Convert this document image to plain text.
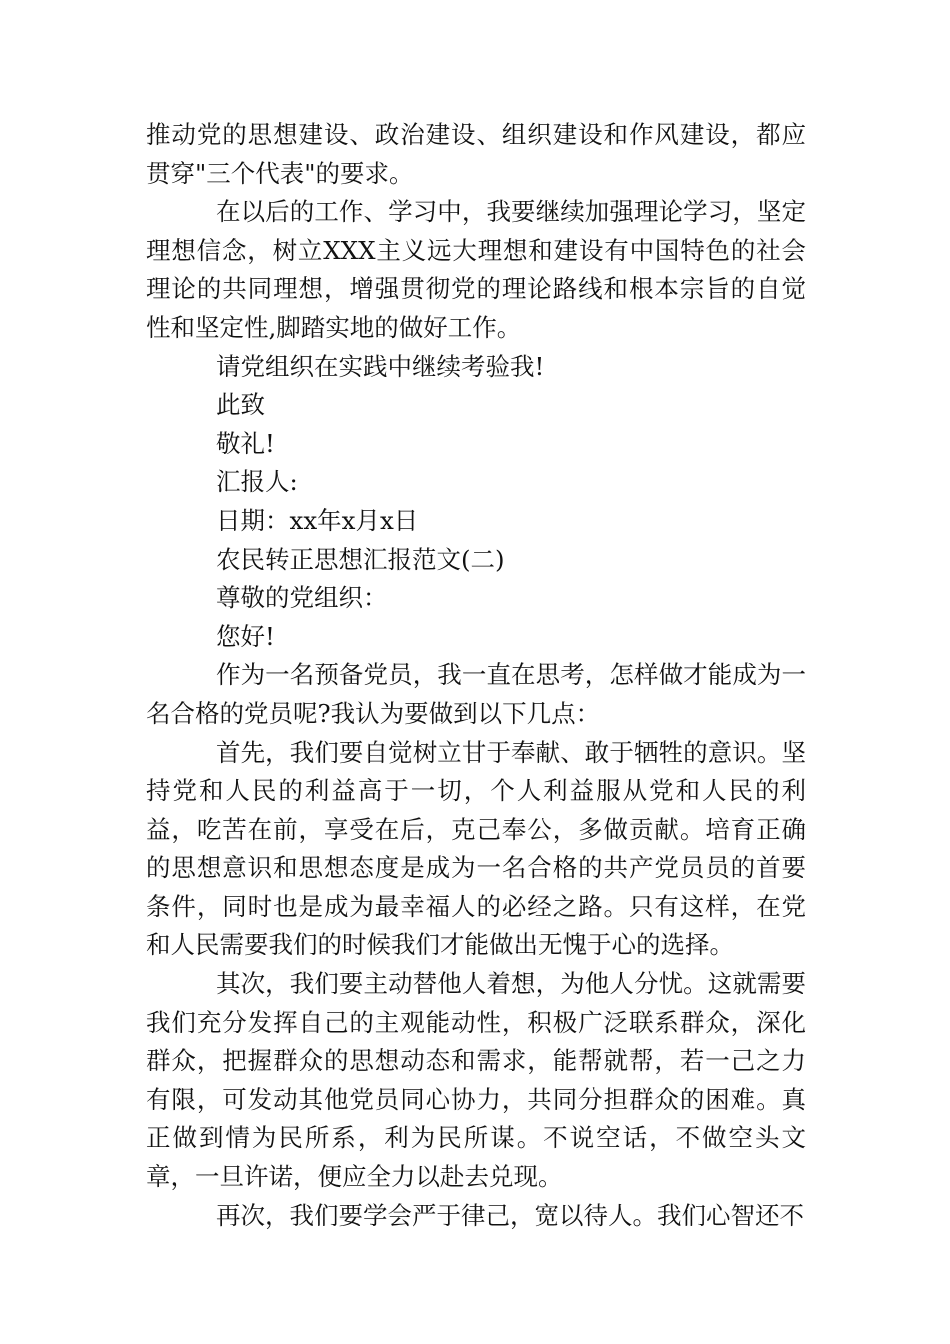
推动党的思想建设、政治建设、组织建设和作风建设，都应贯穿"三个代表"的要求。

在以后的工作、学习中，我要继续加强理论学习，坚定理想信念，树立XXX主义远大理想和建设有中国特色的社会理论的共同理想，增强贯彻党的理论路线和根本宗旨的自觉性和坚定性,脚踏实地的做好工作。

请党组织在实践中继续考验我!

此致

敬礼!

汇报人:

日期：xx年x月x日

农民转正思想汇报范文(二)

尊敬的党组织：

您好!

作为一名预备党员，我一直在思考，怎样做才能成为一名合格的党员呢?我认为要做到以下几点：

首先，我们要自觉树立甘于奉献、敢于牺牲的意识。坚持党和人民的利益高于一切，个人利益服从党和人民的利益，吃苦在前，享受在后，克己奉公，多做贡献。培育正确的思想意识和思想态度是成为一名合格的共产党员员的首要条件，同时也是成为最幸福人的必经之路。只有这样，在党和人民需要我们的时候我们才能做出无愧于心的选择。

其次，我们要主动替他人着想，为他人分忧。这就需要我们充分发挥自己的主观能动性，积极广泛联系群众，深化群众，把握群众的思想动态和需求，能帮就帮，若一己之力有限，可发动其他党员同心协力，共同分担群众的困难。真正做到情为民所系，利为民所谋。不说空话，不做空头文章，一旦许诺，便应全力以赴去兑现。

再次，我们要学会严于律己，宽以待人。我们心智还不
